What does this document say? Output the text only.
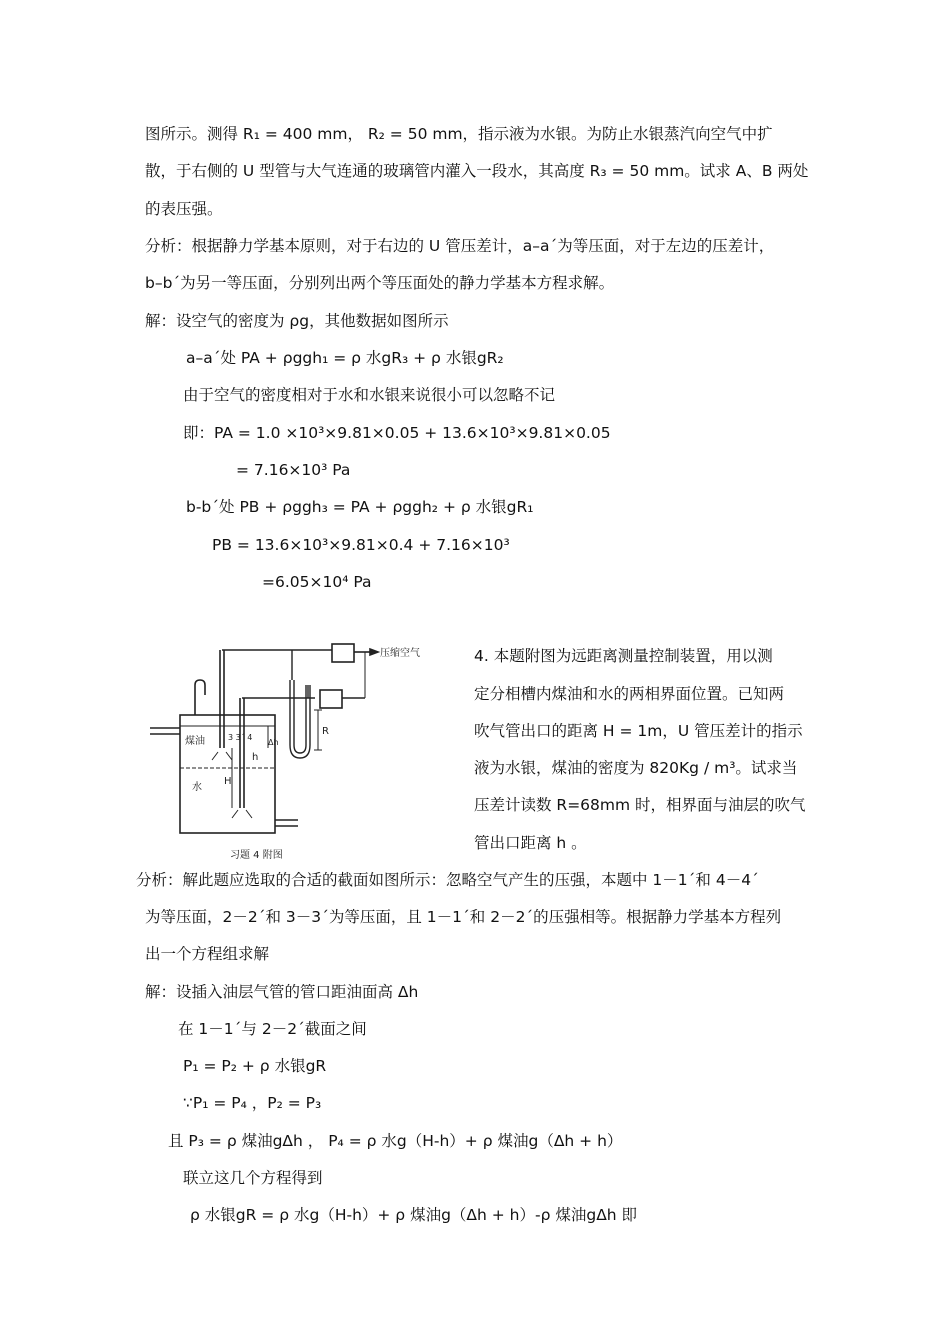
图所示。测得 R₁ = 400 mm， R₂ = 50 mm，指示液为水银。为防止水银蒸汽向空气中扩
散，于右侧的 U 型管与大气连通的玻璃管内灌入一段水，其高度 R₃ = 50 mm。试求 A、B 两处
的表压强。
分析：根据静力学基本原则，对于右边的 U 管压差计，a–a´为等压面，对于左边的压差计，
b–b´为另一等压面，分别列出两个等压面处的静力学基本方程求解。
解：设空气的密度为 ρg，其他数据如图所示
a–a´处 PA + ρggh₁ = ρ 水gR₃ + ρ 水银gR₂
由于空气的密度相对于水和水银来说很小可以忽略不记
即：PA = 1.0 ×10³×9.81×0.05 + 13.6×10³×9.81×0.05
= 7.16×10³ Pa
b-b´处 PB + ρggh₃ = PA + ρggh₂ + ρ 水银gR₁
PB = 13.6×10³×9.81×0.4 + 7.16×10³
=6.05×10⁴ Pa
压缩空气
煤油
水
H
h
Δh
R
3 3´ 4
习题 4 附图
4. 本题附图为远距离测量控制装置，用以测
定分相槽内煤油和水的两相界面位置。已知两
吹气管出口的距离 H = 1m，U 管压差计的指示
液为水银，煤油的密度为 820Kg / m³。试求当
压差计读数 R=68mm 时，相界面与油层的吹气
管出口距离 h 。
分析：解此题应选取的合适的截面如图所示：忽略空气产生的压强，本题中 1－1´和 4－4´
为等压面，2－2´和 3－3´为等压面，且 1－1´和 2－2´的压强相等。根据静力学基本方程列
出一个方程组求解
解：设插入油层气管的管口距油面高 Δh
在 1－1´与 2－2´截面之间
P₁ = P₂ + ρ 水银gR
∵P₁ = P₄ ，P₂ = P₃
且 P₃ = ρ 煤油gΔh ， P₄ = ρ 水g（H-h）+ ρ 煤油g（Δh + h）
联立这几个方程得到
ρ 水银gR = ρ 水g（H-h）+ ρ 煤油g（Δh + h）-ρ 煤油gΔh 即
